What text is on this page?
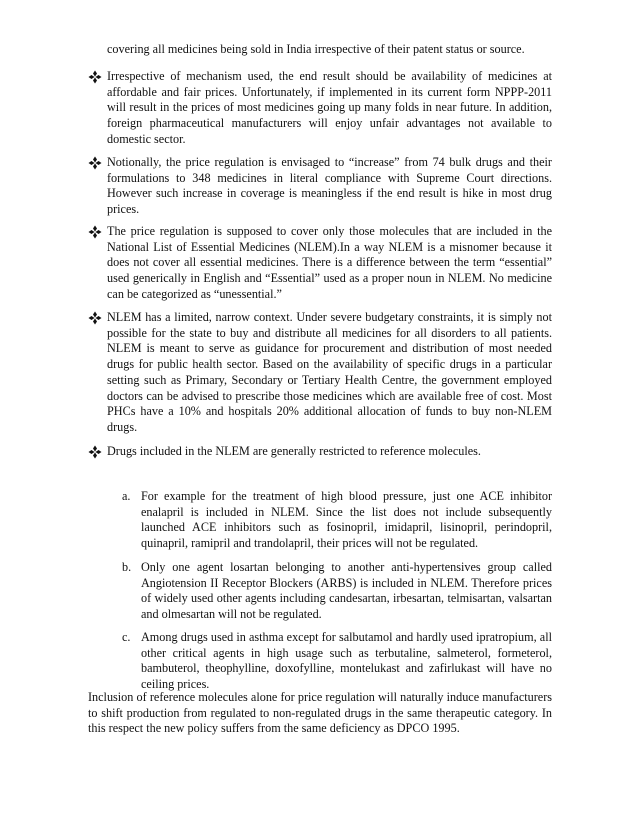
covering all medicines being sold in India irrespective of their patent status or source.

Irrespective of mechanism used, the end result should be availability of medicines at affordable and fair prices. Unfortunately, if implemented in its current form NPPP-2011 will result in the prices of most medicines going up many folds in near future. In addition, foreign pharmaceutical manufacturers will enjoy unfair advantages not available to domestic sector.

Notionally, the price regulation is envisaged to “increase” from 74 bulk drugs and their formulations to 348 medicines in literal compliance with Supreme Court directions. However such increase in coverage is meaningless if the end result is hike in most drug prices.

The price regulation is supposed to cover only those molecules that are included in the National List of Essential Medicines (NLEM).In a way NLEM is a misnomer because it does not cover all essential medicines. There is a difference between the term “essential” used generically in English and “Essential” used as a proper noun in NLEM. No medicine can be categorized as “unessential.”

NLEM has a limited, narrow context. Under severe budgetary constraints, it is simply not possible for the state to buy and distribute all medicines for all disorders to all patients. NLEM is meant to serve as guidance for procurement and distribution of most needed drugs for public health sector. Based on the availability of specific drugs in a particular setting such as Primary, Secondary or Tertiary Health Centre, the government employed doctors can be advised to prescribe those medicines which are available free of cost. Most PHCs have a 10% and hospitals 20% additional allocation of funds to buy non-NLEM drugs.

Drugs included in the NLEM are generally restricted to reference molecules.

a. For example for the treatment of high blood pressure, just one ACE inhibitor enalapril is included in NLEM. Since the list does not include subsequently launched ACE inhibitors such as fosinopril, imidapril, lisinopril, perindopril, quinapril, ramipril and trandolapril, their prices will not be regulated.

b. Only one agent losartan belonging to another anti-hypertensives group called Angiotension II Receptor Blockers (ARBS) is included in NLEM. Therefore prices of widely used other agents including candesartan, irbesartan, telmisartan, valsartan and olmesartan will not be regulated.

c. Among drugs used in asthma except for salbutamol and hardly used ipratropium, all other critical agents in high usage such as terbutaline, salmeterol, formeterol, bambuterol, theophylline, doxofylline, montelukast and zafirlukast will have no ceiling prices.

Inclusion of reference molecules alone for price regulation will naturally induce manufacturers to shift production from regulated to non-regulated drugs in the same therapeutic category. In this respect the new policy suffers from the same deficiency as DPCO 1995.
